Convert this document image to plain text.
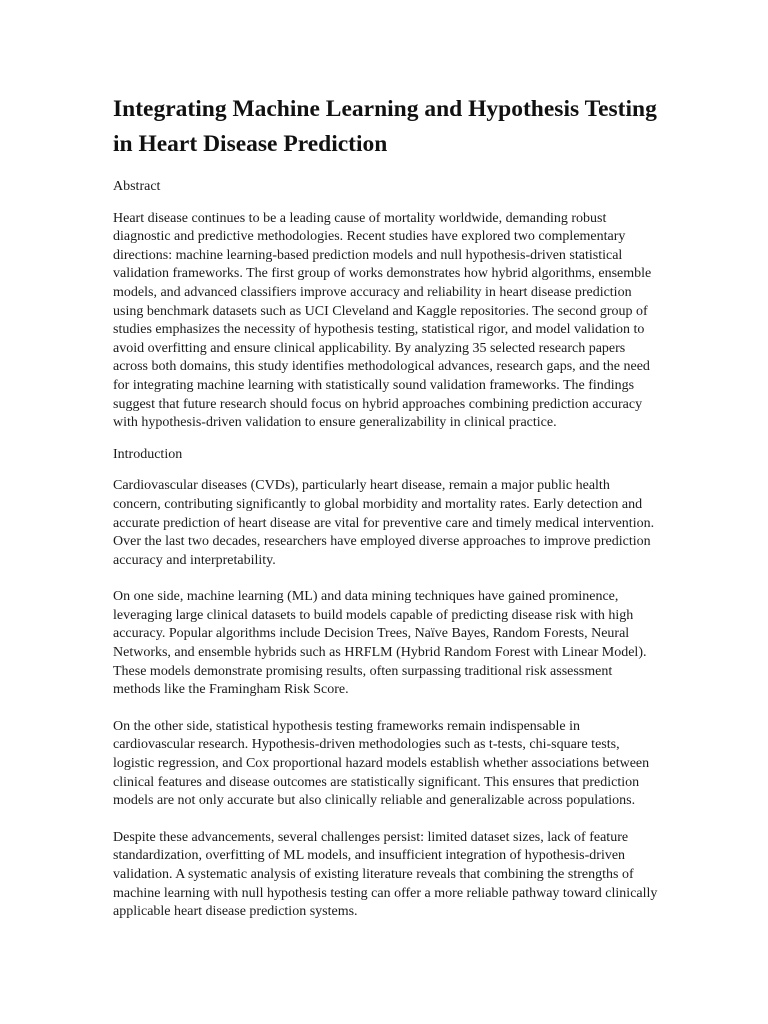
Integrating Machine Learning and Hypothesis Testing in Heart Disease Prediction
Abstract

Heart disease continues to be a leading cause of mortality worldwide, demanding robust diagnostic and predictive methodologies. Recent studies have explored two complementary directions: machine learning-based prediction models and null hypothesis-driven statistical validation frameworks. The first group of works demonstrates how hybrid algorithms, ensemble models, and advanced classifiers improve accuracy and reliability in heart disease prediction using benchmark datasets such as UCI Cleveland and Kaggle repositories. The second group of studies emphasizes the necessity of hypothesis testing, statistical rigor, and model validation to avoid overfitting and ensure clinical applicability. By analyzing 35 selected research papers across both domains, this study identifies methodological advances, research gaps, and the need for integrating machine learning with statistically sound validation frameworks. The findings suggest that future research should focus on hybrid approaches combining prediction accuracy with hypothesis-driven validation to ensure generalizability in clinical practice.

Introduction

Cardiovascular diseases (CVDs), particularly heart disease, remain a major public health concern, contributing significantly to global morbidity and mortality rates. Early detection and accurate prediction of heart disease are vital for preventive care and timely medical intervention. Over the last two decades, researchers have employed diverse approaches to improve prediction accuracy and interpretability.

On one side, machine learning (ML) and data mining techniques have gained prominence, leveraging large clinical datasets to build models capable of predicting disease risk with high accuracy. Popular algorithms include Decision Trees, Naïve Bayes, Random Forests, Neural Networks, and ensemble hybrids such as HRFLM (Hybrid Random Forest with Linear Model). These models demonstrate promising results, often surpassing traditional risk assessment methods like the Framingham Risk Score.

On the other side, statistical hypothesis testing frameworks remain indispensable in cardiovascular research. Hypothesis-driven methodologies such as t-tests, chi-square tests, logistic regression, and Cox proportional hazard models establish whether associations between clinical features and disease outcomes are statistically significant. This ensures that prediction models are not only accurate but also clinically reliable and generalizable across populations.

Despite these advancements, several challenges persist: limited dataset sizes, lack of feature standardization, overfitting of ML models, and insufficient integration of hypothesis-driven validation. A systematic analysis of existing literature reveals that combining the strengths of machine learning with null hypothesis testing can offer a more reliable pathway toward clinically applicable heart disease prediction systems.
